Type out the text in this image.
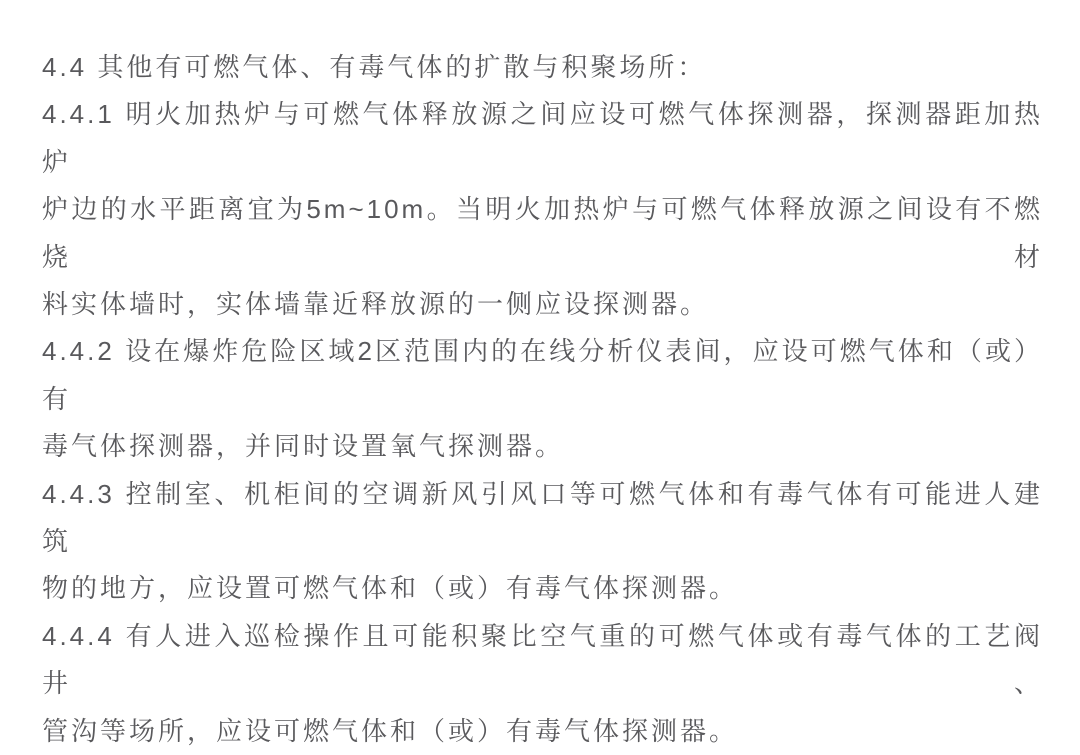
4.4 其他有可燃气体、有毒气体的扩散与积聚场所：
4.4.1 明火加热炉与可燃气体释放源之间应设可燃气体探测器，探测器距加热炉
炉边的水平距离宜为5m~10m。当明火加热炉与可燃气体释放源之间设有不燃烧材
料实体墙时，实体墙靠近释放源的一侧应设探测器。
4.4.2 设在爆炸危险区域2区范围内的在线分析仪表间，应设可燃气体和（或）有
毒气体探测器，并同时设置氧气探测器。
4.4.3 控制室、机柜间的空调新风引风口等可燃气体和有毒气体有可能进人建筑
物的地方，应设置可燃气体和（或）有毒气体探测器。
4.4.4 有人进入巡检操作且可能积聚比空气重的可燃气体或有毒气体的工艺阀井、
管沟等场所，应设可燃气体和（或）有毒气体探测器。
